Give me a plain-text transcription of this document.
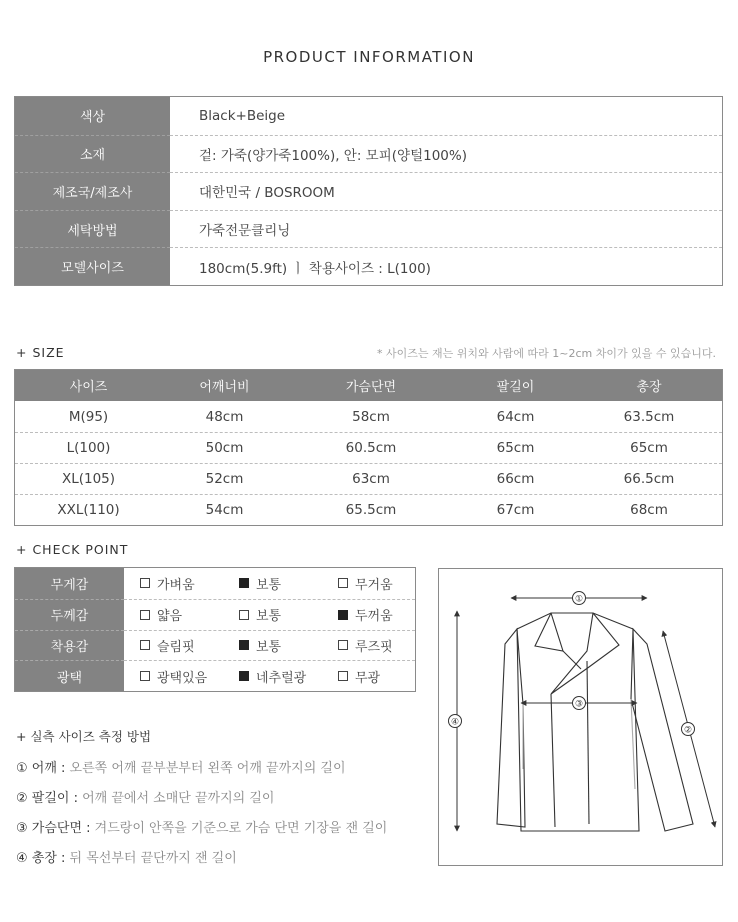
PRODUCT INFORMATION
색상	Black+Beige
소재	겉: 가죽(양가죽100%), 안: 모피(양털100%)
제조국/제조사	대한민국 / BOSROOM
세탁방법	가죽전문클리닝
모델사이즈	180cm(5.9ft) ㅣ 착용사이즈 : L(100)
+ SIZE	* 사이즈는 재는 위치와 사람에 따라 1~2cm 차이가 있을 수 있습니다.
사이즈	어깨너비	가슴단면	팔길이	총장
M(95)	48cm	58cm	64cm	63.5cm
L(100)	50cm	60.5cm	65cm	65cm
XL(105)	52cm	63cm	66cm	66.5cm
XXL(110)	54cm	65.5cm	67cm	68cm
+ CHECK POINT
무게감	가벼움	보통	무거움
두께감	얇음	보통	두꺼움
착용감	슬림핏	보통	루즈핏
광택	광택있음	네추럴광	무광
+ 실측 사이즈 측정 방법
① 어깨 : 오른쪽 어깨 끝부분부터 왼쪽 어깨 끝까지의 길이
② 팔길이 : 어깨 끝에서 소매단 끝까지의 길이
③ 가슴단면 : 겨드랑이 안쪽을 기준으로 가슴 단면 기장을 잰 길이
④ 총장 : 뒤 목선부터 끝단까지 잰 길이
①
③
④
②
